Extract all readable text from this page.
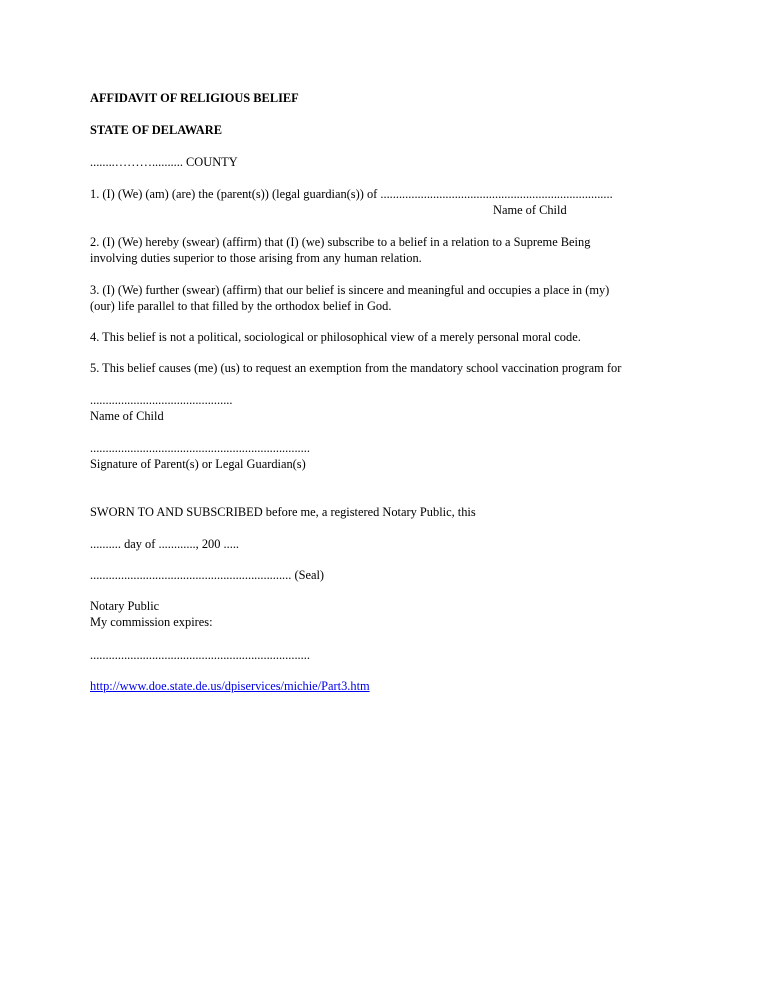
AFFIDAVIT OF RELIGIOUS BELIEF
STATE OF DELAWARE
........……….......... COUNTY
1. (I) (We) (am) (are) the (parent(s)) (legal guardian(s)) of ...........................................................................
Name of Child
2. (I) (We) hereby (swear) (affirm) that (I) (we) subscribe to a belief in a relation to a Supreme Being
involving duties superior to those arising from any human relation.
3. (I) (We) further (swear) (affirm) that our belief is sincere and meaningful and occupies a place in (my)
(our) life parallel to that filled by the orthodox belief in God.
4. This belief is not a political, sociological or philosophical view of a merely personal moral code.
5. This belief causes (me) (us) to request an exemption from the mandatory school vaccination program for
..............................................
Name of Child
.......................................................................
Signature of Parent(s) or Legal Guardian(s)
SWORN TO AND SUBSCRIBED before me, a registered Notary Public, this
.......... day of ............, 200 .....
................................................................. (Seal)
Notary Public
My commission expires:
.......................................................................
http://www.doe.state.de.us/dpiservices/michie/Part3.htm
